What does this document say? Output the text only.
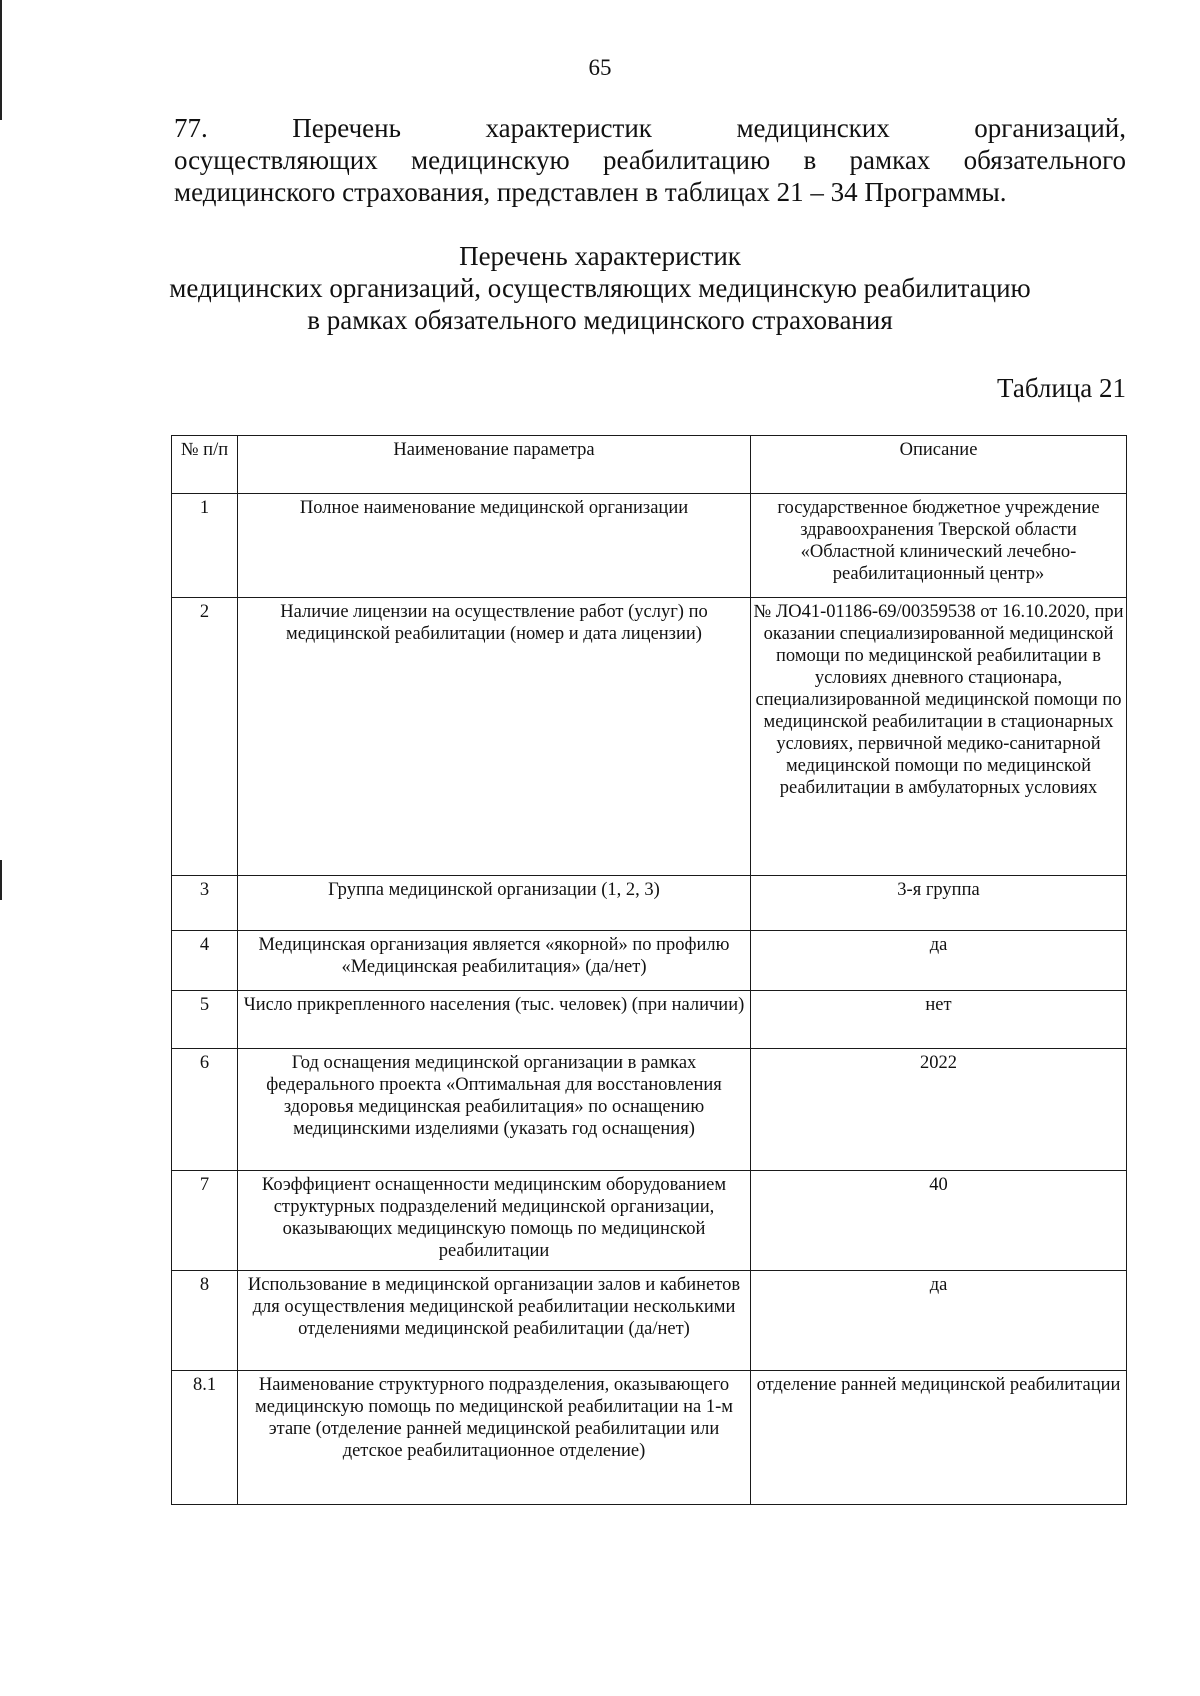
65
77. Перечень характеристик медицинских организаций,
осуществляющих медицинскую реабилитацию в рамках обязательного
медицинского страхования, представлен в таблицах 21 – 34 Программы.
Перечень характеристик
медицинских организаций, осуществляющих медицинскую реабилитацию
в рамках обязательного медицинского страхования
Таблица 21
№ п/п	Наименование параметра	Описание
1	Полное наименование медицинской организации	государственное бюджетное учреждение здравоохранения Тверской области «Областной клинический лечебно-реабилитационный центр»
2	Наличие лицензии на осуществление работ (услуг) по медицинской реабилитации (номер и дата лицензии)	№ ЛО41-01186-69/00359538 от 16.10.2020, при оказании специализированной медицинской помощи по медицинской реабилитации в условиях дневного стационара, специализированной медицинской помощи по медицинской реабилитации в стационарных условиях, первичной медико-санитарной медицинской помощи по медицинской реабилитации в амбулаторных условиях
3	Группа медицинской организации (1, 2, 3)	3-я группа
4	Медицинская организация является «якорной» по профилю «Медицинская реабилитация» (да/нет)	да
5	Число прикрепленного населения (тыс. человек) (при наличии)	нет
6	Год оснащения медицинской организации в рамках федерального проекта «Оптимальная для восстановления здоровья медицинская реабилитация» по оснащению медицинскими изделиями (указать год оснащения)	2022
7	Коэффициент оснащенности медицинским оборудованием структурных подразделений медицинской организации, оказывающих медицинскую помощь по медицинской реабилитации	40
8	Использование в медицинской организации залов и кабинетов для осуществления медицинской реабилитации несколькими отделениями медицинской реабилитации (да/нет)	да
8.1	Наименование структурного подразделения, оказывающего медицинскую помощь по медицинской реабилитации на 1-м этапе (отделение ранней медицинской реабилитации или детское реабилитационное отделение)	отделение ранней медицинской реабилитации
